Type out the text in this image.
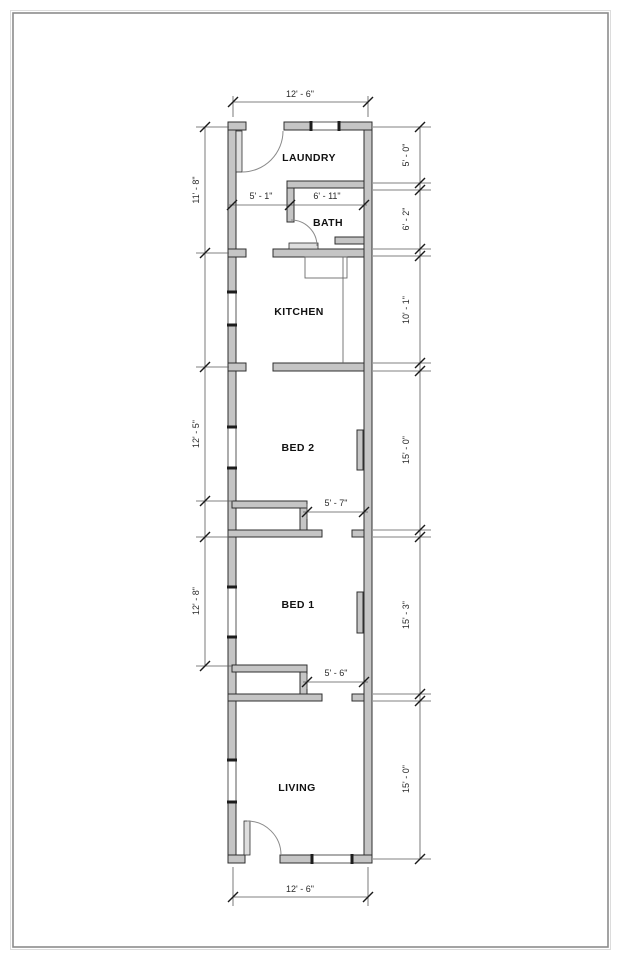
12' - 6"
12' - 6"
11' - 8"
12' - 5"
12' - 8"
5' - 0"
6' - 2"
10' - 1"
15' - 0"
15' - 3"
15' - 0"
5' - 1"	6' - 11"
5' - 7"
5' - 6"
LAUNDRY
BATH
KITCHEN
BED 2
BED 1
LIVING
